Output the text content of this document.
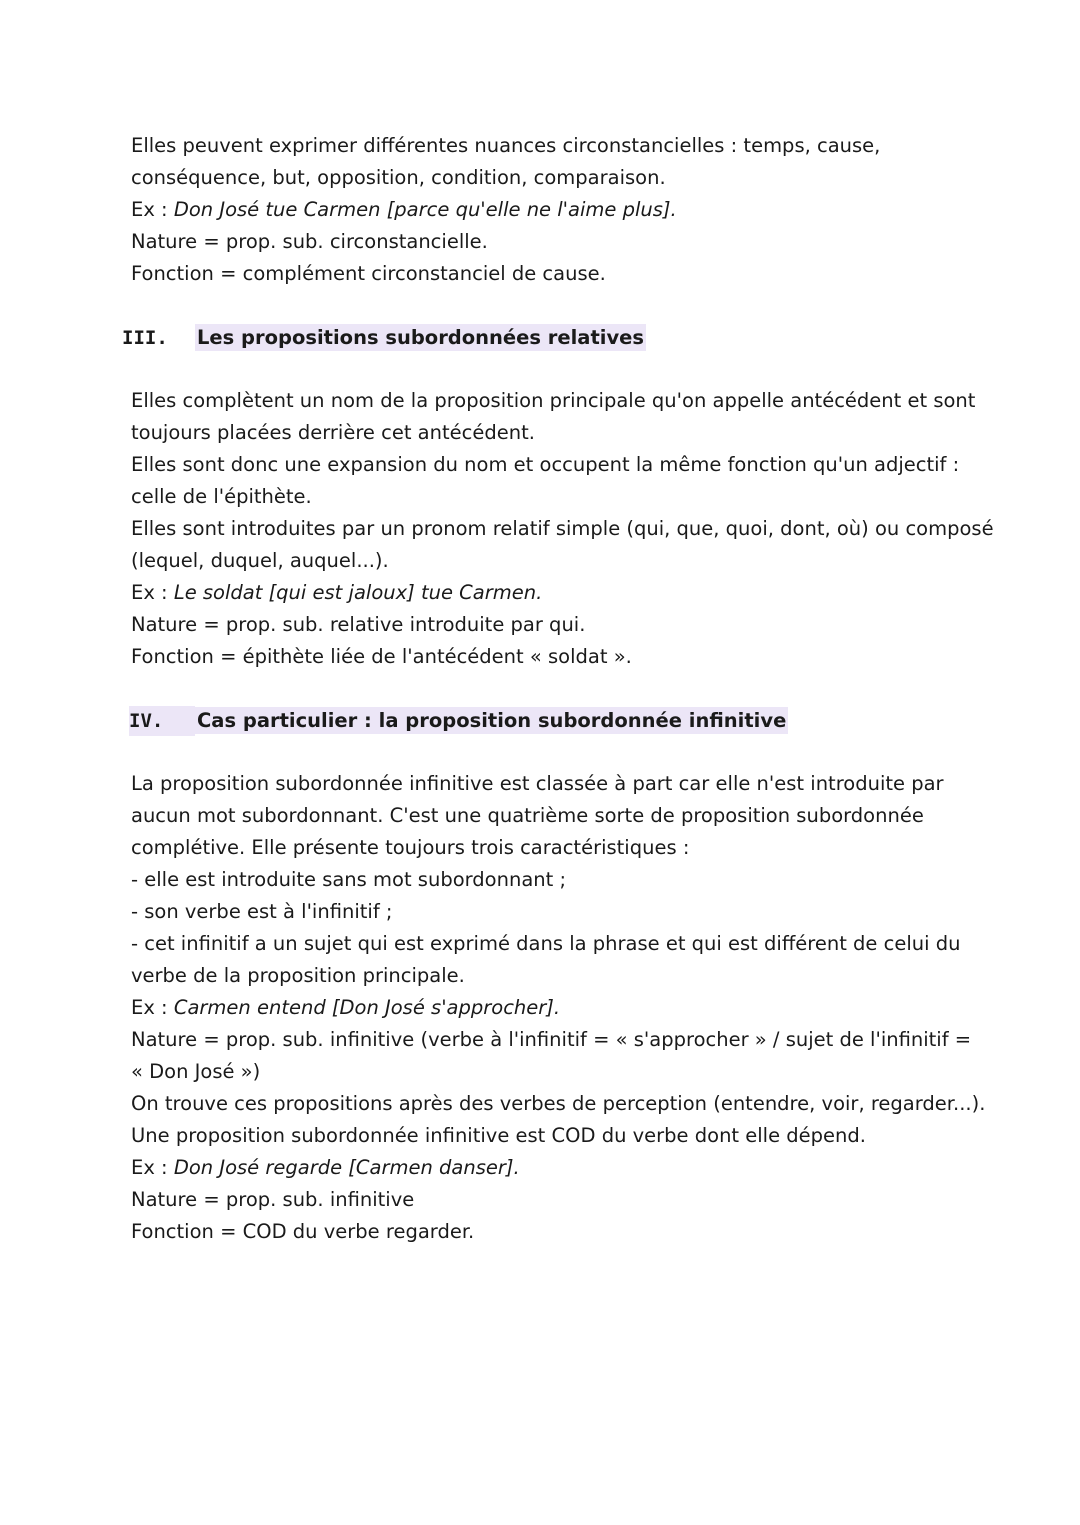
Elles peuvent exprimer différentes nuances circonstancielles : temps, cause,
conséquence, but, opposition, condition, comparaison.
Ex : Don José tue Carmen [parce qu'elle ne l'aime plus].
Nature = prop. sub. circonstancielle.
Fonction = complément circonstanciel de cause.
III. Les propositions subordonnées relatives
Elles complètent un nom de la proposition principale qu'on appelle antécédent et sont
toujours placées derrière cet antécédent.
Elles sont donc une expansion du nom et occupent la même fonction qu'un adjectif :
celle de l'épithète.
Elles sont introduites par un pronom relatif simple (qui, que, quoi, dont, où) ou composé
(lequel, duquel, auquel...).
Ex : Le soldat [qui est jaloux] tue Carmen.
Nature = prop. sub. relative introduite par qui.
Fonction = épithète liée de l'antécédent « soldat ».
IV. Cas particulier : la proposition subordonnée infinitive
La proposition subordonnée infinitive est classée à part car elle n'est introduite par
aucun mot subordonnant. C'est une quatrième sorte de proposition subordonnée
complétive. Elle présente toujours trois caractéristiques :
- elle est introduite sans mot subordonnant ;
- son verbe est à l'infinitif ;
- cet infinitif a un sujet qui est exprimé dans la phrase et qui est différent de celui du
verbe de la proposition principale.
Ex : Carmen entend [Don José s'approcher].
Nature = prop. sub. infinitive (verbe à l'infinitif = « s'approcher » / sujet de l'infinitif =
« Don José »)
On trouve ces propositions après des verbes de perception (entendre, voir, regarder...).
Une proposition subordonnée infinitive est COD du verbe dont elle dépend.
Ex : Don José regarde [Carmen danser].
Nature = prop. sub. infinitive
Fonction = COD du verbe regarder.
